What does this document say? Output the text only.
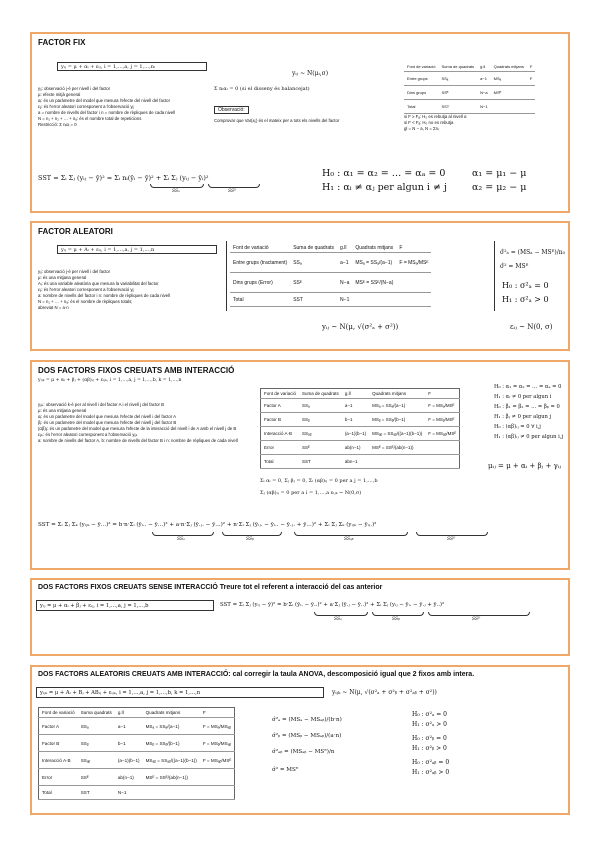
FACTOR FIX
yᵢⱼ = μ + αᵢ + εᵢⱼ, i = 1,…,a, j = 1,…,nᵢ
yᵢⱼ ~ N(μᵢ,σ)
yᵢⱼ: observació j-è per nivell i del factor
μ: efecte mitjà general
αᵢ: és un paràmetre del model que mesura l'efecte del nivell del factor
εᵢⱼ: és l'error aleatori corresponent a l'observació yᵢⱼ
a = nombre de nivells del factor i n = nombre de rèpliques de cada nivell
N = n₁ + n₂ + … + nₐ: és el nombre total de repeticions
Restricció: Σ nᵢαᵢ = 0
Σ nᵢαᵢ = 0 (si el disseny és balancejat)
Observació:
Comprovar que Var(εᵢⱼ) és el mateix per a tots els nivells del factor
Font de variació	Suma de quadrats	g.ll	Quadrats mitjans	F
Entre grups	SSₐ	a−1	MSₐ	F
Dins grups	SSᴱ	N−a	MSᴱ	
Total	SST	N−1		
si F ≥ Fₐ: H₀ es rebutja al nivell α
si F < Fₐ: H₀ no es rebutja
gl = N − a, N = Σnᵢ
SST = Σᵢ Σⱼ (yᵢⱼ − ȳ)² = Σᵢ nᵢ(ȳᵢ − ȳ)² + Σᵢ Σⱼ (yᵢⱼ − ȳᵢ)²
SSₐ	SSᴱ
H₀ : α₁ = α₂ = … = αₐ = 0
H₁ : αᵢ ≠ αⱼ per algun i ≠ j
α₁ = μ₁ − μ
α₂ = μ₂ − μ
FACTOR ALEATORI
yᵢⱼ = μ + Aᵢ + εᵢⱼ, i = 1,…,a, j = 1,…,n
yᵢⱼ: observació j-è per nivell i del factor
μ: és una mitjana general
Aᵢ: és una variable aleatòria que mesura la variabilitat del factor
εᵢⱼ: és l'error aleatori corresponent a l'observació yᵢⱼ
a: nombre de nivells del factor i n: nombre de rèpliques de cada nivell
N = n₁ + … + nₐ: és el nombre de rèpliques totals;
abreviat N = a·n
Font de variació	Suma de quadrats	g.ll	Quadrats mitjans	F
Entre grups (tractament)	SSₐ	a−1	MSₐ = SSₐ/(a−1)	F = MSₐ/MSᴱ
Dins grups (Error)	SSᴱ	N−a	MSᴱ = SSᴱ/(N−a)	
Total	SST	N−1		
yᵢⱼ ~ N(μ, √(σ²ₐ + σ²))
σ̂²ₐ = (MSₐ − MSᴱ)/n₀
σ̂² = MSᴱ
H₀ : σ²ₐ = 0
H₁ : σ²ₐ > 0
εᵢⱼ ~ N(0, σ)
DOS FACTORS FIXOS CREUATS AMB INTERACCIÓ
yᵢⱼₖ = μ + αᵢ + βⱼ + (αβ)ᵢⱼ + εᵢⱼₖ, i = 1,…,a, j = 1,…,b, k = 1,…,n
yᵢⱼₖ: observació k-è per al nivell i del factor A i el nivell j del factor B
μ: és una mitjana general
αᵢ: és un paràmetre del model que mesura l'efecte del nivell i del factor A
βⱼ: és un paràmetre del model que mesura l'efecte del nivell j del factor B
(αβ)ᵢⱼ: és un paràmetre del model que mesura l'efecte de la interacció del nivell i de A amb el nivell j de B
εᵢⱼₖ: és l'error aleatori corresponent a l'observació yᵢⱼₖ
a: nombre de nivells del factor A, b: nombre de nivells del factor B i n: nombre de rèpliques de cada nivell
Font de variació	Suma de quadrats	g.ll	Quadrats mitjans	F
Factor A	SSₐ	a−1	MSₐ = SSₐ/(a−1)	F = MSₐ/MSᴱ
Factor B	SSᵦ	b−1	MSᵦ = SSᵦ/(b−1)	F = MSᵦ/MSᴱ
Interacció A·B	SSₐᵦ	(a−1)(b−1)	MSₐᵦ = SSₐᵦ/((a−1)(b−1))	F = MSₐᵦ/MSᴱ
Error	SSᴱ	ab(n−1)	MSᴱ = SSᴱ/(ab(n−1))	
Total	SST	abn−1		
H₀ : α₁ = α₂ = … = αₐ = 0
H₁ : αᵢ ≠ 0 per algun i
H₀ : β₁ = β₂ = … = βᵦ = 0
H₁ : βⱼ ≠ 0 per algun j
H₀ : (αβ)ᵢⱼ = 0 ∀ i,j
H₁ : (αβ)ᵢⱼ ≠ 0 per algun i,j
Σᵢ αᵢ = 0, Σⱼ βⱼ = 0, Σᵢ (αβ)ᵢⱼ = 0 per a j = 1,…,b
Σⱼ (αβ)ᵢⱼ = 0 per a i = 1,…,a εᵢⱼₖ ~ N(0,σ)
μᵢⱼ = μ + αᵢ + βⱼ + γᵢⱼ
SST = Σᵢ Σⱼ Σₖ (yᵢⱼₖ − ȳ...)² = b·n·Σᵢ (ȳᵢ.. − ȳ...)² + a·n·Σⱼ (ȳ.ⱼ. − ȳ...)² + n·Σᵢ Σⱼ (ȳᵢⱼ. − ȳᵢ.. − ȳ.ⱼ. + ȳ...)² + Σᵢ Σⱼ Σₖ (yᵢⱼₖ − ȳᵢⱼ.)²
SSₐ	SSᵦ	SSₐᵦ	SSᴱ
DOS FACTORS FIXOS CREUATS SENSE INTERACCIÓ Treure tot el referent a interacció del cas anterior
yᵢⱼ = μ + αᵢ + βⱼ + εᵢⱼ, i = 1,…,a, j = 1,…,b	SST = Σᵢ Σⱼ (yᵢⱼ − ȳ)² = b·Σᵢ (ȳᵢ. − ȳ..)² + a·Σⱼ (ȳ.ⱼ − ȳ..)² + Σᵢ Σⱼ (yᵢⱼ − ȳᵢ. − ȳ.ⱼ + ȳ..)²
SSₐ	SSᵦ	SSᴱ
DOS FACTORS ALEATORIS CREUATS AMB INTERACCIÓ: cal corregir la taula ANOVA, descomposició igual que 2 fixos amb intera.
yᵢⱼₖ = μ + Aᵢ + Bⱼ + ABᵢⱼ + εᵢⱼₖ, i = 1,…,a, j = 1,…,b, k = 1,…,n	yᵢⱼₖ ~ N(μ, √(σ²ₐ + σ²ᵦ + σ²ₐᵦ + σ²))
Font de variació	Suma quadrats	g.ll	Quadrats mitjans	F
Factor A	SSₐ	a−1	MSₐ = SSₐ/(a−1)	F = MSₐ/MSₐᵦ
Factor B	SSᵦ	b−1	MSᵦ = SSᵦ/(b−1)	F = MSᵦ/MSₐᵦ
Interacció A·B	SSₐᵦ	(a−1)(b−1)	MSₐᵦ = SSₐᵦ/((a−1)(b−1))	F = MSₐᵦ/MSᴱ
Error	SSᴱ	ab(n−1)	MSᴱ = SSᴱ/(ab(n−1))	
Total	SST	N−1		
σ̂²ₐ = (MSₐ − MSₐᵦ)/(b·n)
σ̂²ᵦ = (MSᵦ − MSₐᵦ)/(a·n)
σ̂²ₐᵦ = (MSₐᵦ − MSᴱ)/n
σ̂² = MSᴱ
H₀ : σ²ₐ = 0
H₁ : σ²ₐ > 0
H₀ : σ²ᵦ = 0
H₁ : σ²ᵦ > 0
H₀ : σ²ₐᵦ = 0
H₁ : σ²ₐᵦ > 0
